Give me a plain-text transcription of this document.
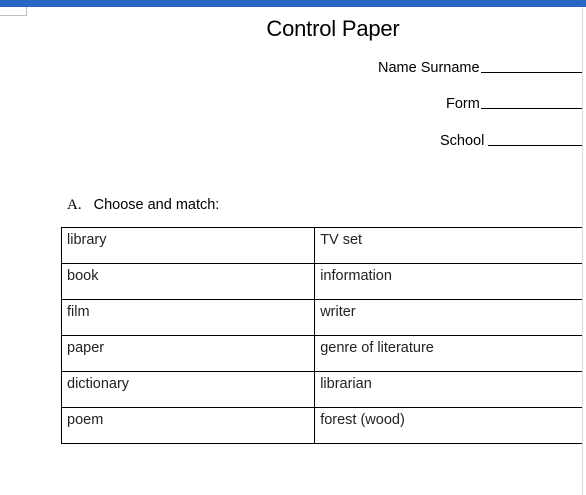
Control Paper
Name Surname
Form
School
A. Choose and match:
library	TV set
book	information
film	writer
paper	genre of literature
dictionary	librarian
poem	forest (wood)
